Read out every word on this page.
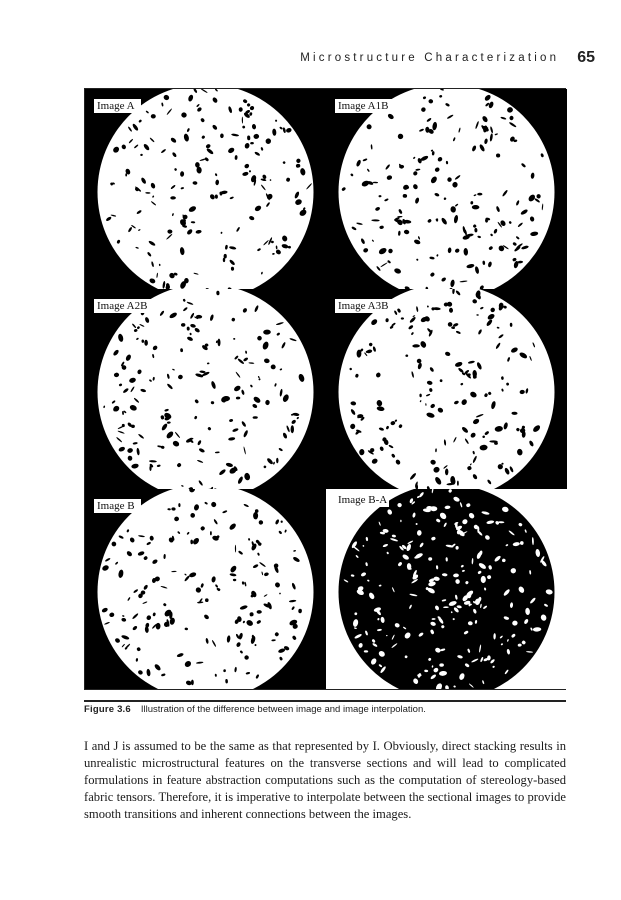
Microstructure Characterization 65
Image A	Image A1B
Image A2B	Image A3B
Image B	Image B-A
Figure 3.6 Illustration of the difference between image and image interpolation.
I and J is assumed to be the same as that represented by I. Obviously, direct stacking results in unrealistic microstructural features on the transverse sections and will lead to complicated formulations in feature abstraction computations such as the computation of stereology-based fabric tensors. Therefore, it is imperative to interpolate between the sectional images to provide smooth transitions and inherent connections between the images.
